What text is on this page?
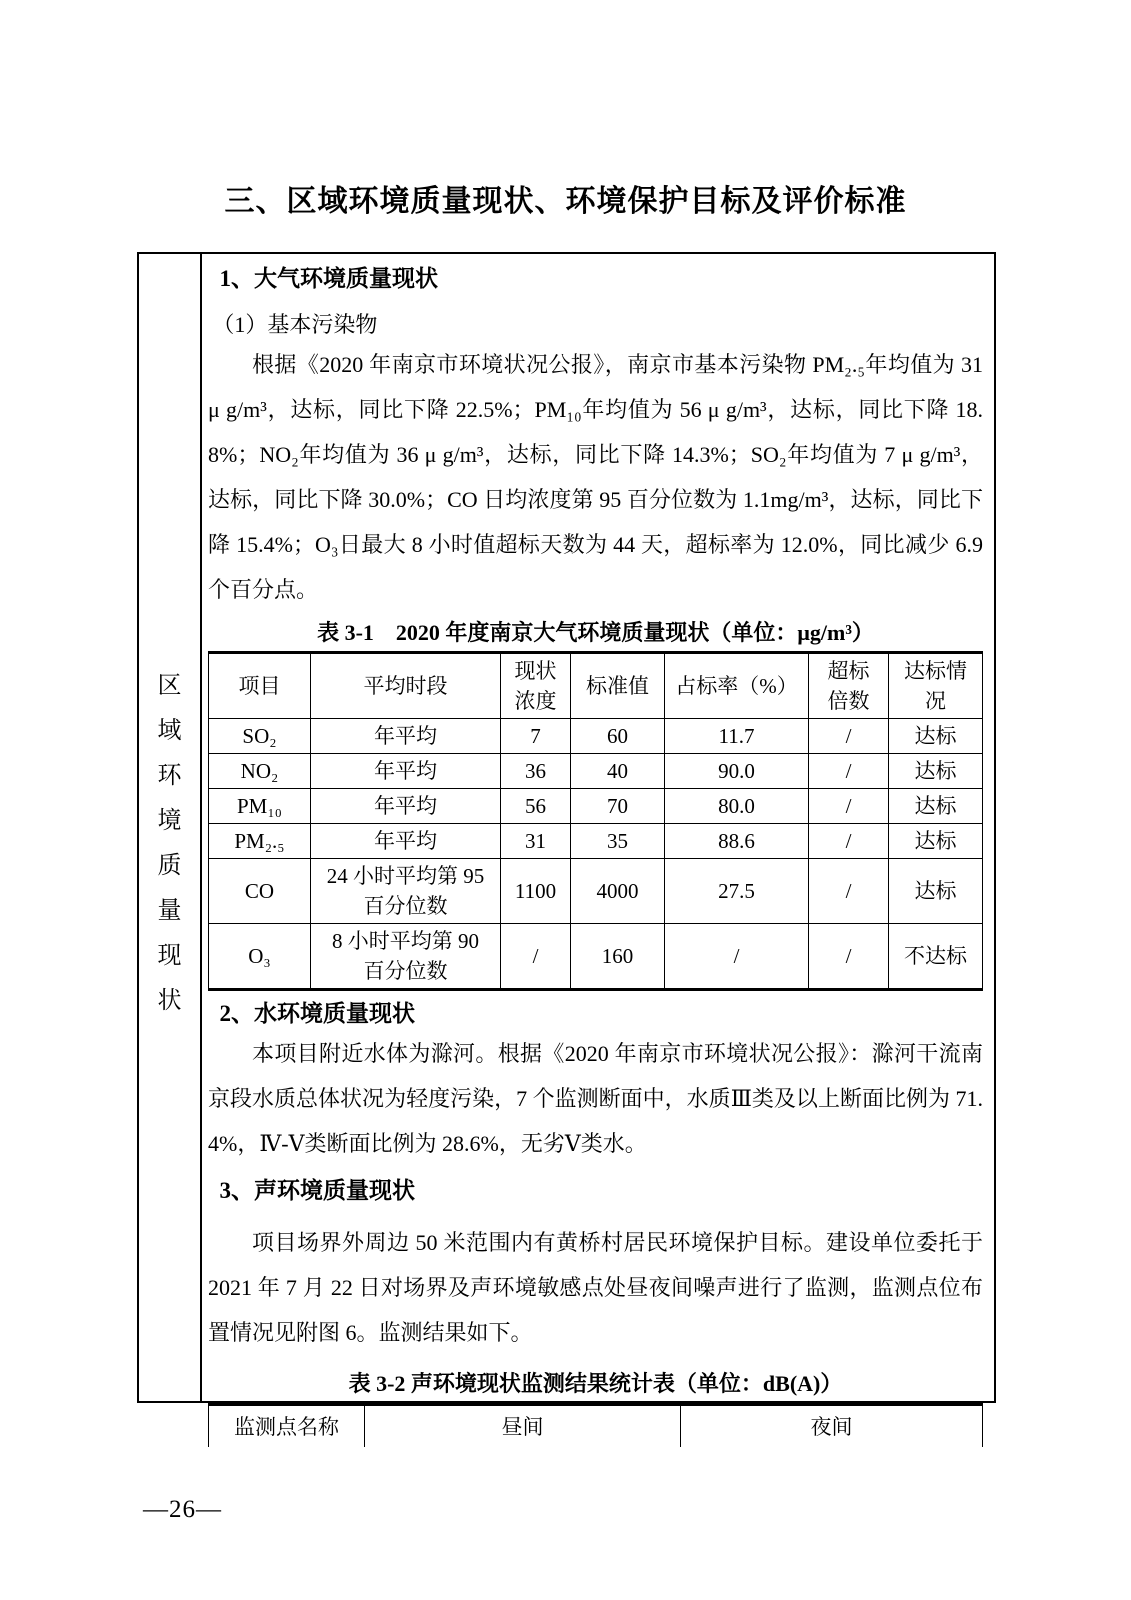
三、区域环境质量现状、环境保护目标及评价标准
区
域
环
境
质
量
现
状
1、大气环境质量现状
（1）基本污染物

根据《2020 年南京市环境状况公报》，南京市基本污染物 PM₂.₅年均值为 31 μ g/m³，达标，同比下降 22.5%；PM₁₀年均值为 56 μ g/m³，达标，同比下降 18.8%；NO₂年均值为 36 μ g/m³，达标，同比下降 14.3%；SO₂年均值为 7 μ g/m³，达标，同比下降 30.0%；CO 日均浓度第 95 百分位数为 1.1mg/m³，达标，同比下降 15.4%；O₃日最大 8 小时值超标天数为 44 天，超标率为 12.0%，同比减少 6.9 个百分点。

表 3-1　2020 年度南京大气环境质量现状（单位：μg/m³）
项目	平均时段	现状浓度	标准值	占标率（%）	超标倍数	达标情况
SO₂	年平均	7	60	11.7	/	达标
NO₂	年平均	36	40	90.0	/	达标
PM₁₀	年平均	56	70	80.0	/	达标
PM₂.₅	年平均	31	35	88.6	/	达标
CO	24 小时平均第 95 百分位数	1100	4000	27.5	/	达标
O₃	8 小时平均第 90 百分位数	/	160	/	/	不达标
2、水环境质量现状

本项目附近水体为滁河。根据《2020 年南京市环境状况公报》：滁河干流南京段水质总体状况为轻度污染，7 个监测断面中，水质Ⅲ类及以上断面比例为 71.4%，Ⅳ-Ⅴ类断面比例为 28.6%，无劣Ⅴ类水。

3、声环境质量现状

项目场界外周边 50 米范围内有黄桥村居民环境保护目标。建设单位委托于 2021 年 7 月 22 日对场界及声环境敏感点处昼夜间噪声进行了监测，监测点位布置情况见附图 6。监测结果如下。

表 3-2 声环境现状监测结果统计表（单位：dB(A)）
监测点名称	昼间	夜间
—26—
